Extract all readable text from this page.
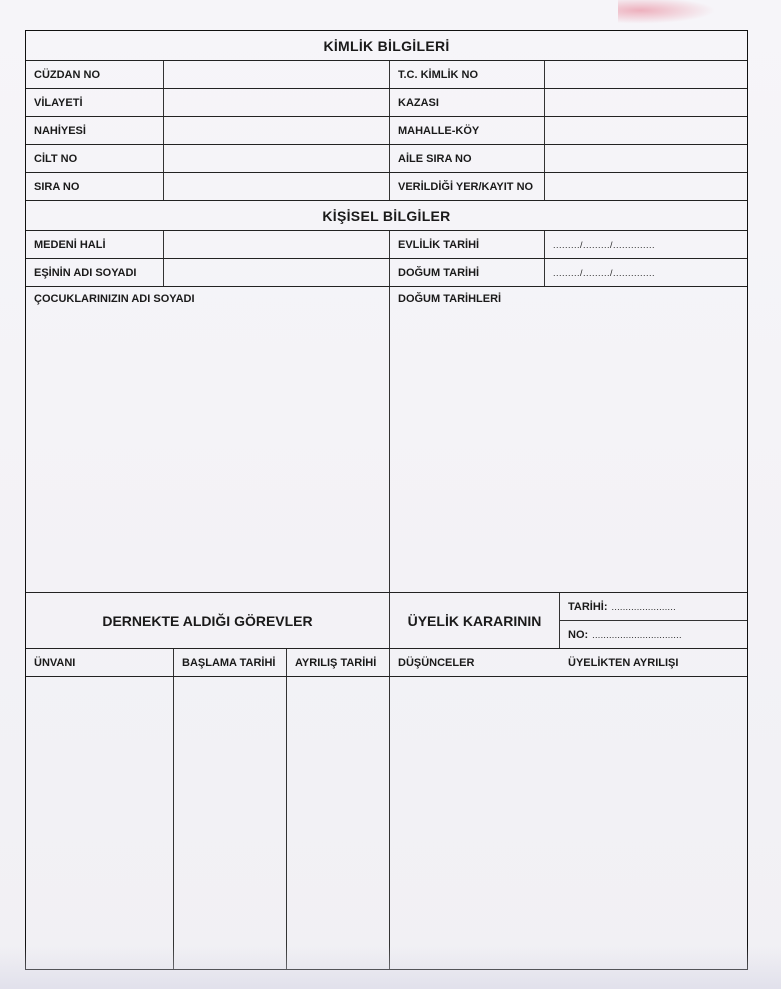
KİMLİK BİLGİLERİ
CÜZDAN NO	T.C. KİMLİK NO
VİLAYETİ	KAZASI
NAHİYESİ	MAHALLE-KÖY
CİLT NO	AİLE SIRA NO
SIRA NO	VERİLDİĞİ YER/KAYIT NO
KİŞİSEL BİLGİLER
MEDENİ HALİ	EVLİLİK TARİHİ	........./........./..............
EŞİNİN ADI SOYADI	DOĞUM TARİHİ	........./........./..............
ÇOCUKLARINIZIN ADI SOYADI	DOĞUM TARİHLERİ
DERNEKTE ALDIĞI GÖREVLER	ÜYELİK KARARININ
TARİHİ: .......................
NO: ................................
ÜNVANI	BAŞLAMA TARİHİ	AYRILIŞ TARİHİ	DÜŞÜNCELER	ÜYELİKTEN AYRILIŞI
